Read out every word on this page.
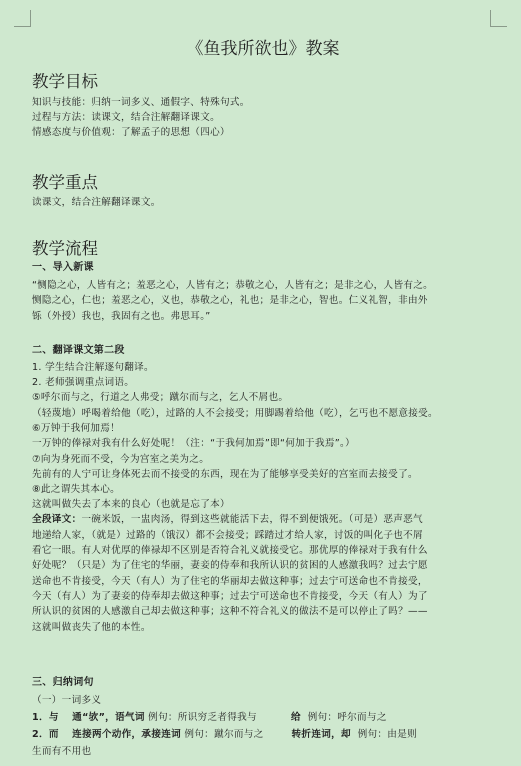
《鱼我所欲也》教案
教学目标
知识与技能：归纳一词多义、通假字、特殊句式。
过程与方法：读课文，结合注解翻译课文。
情感态度与价值观：了解孟子的思想（四心）
教学重点
读课文，结合注解翻译课文。
教学流程
一、导入新课
“恻隐之心，人皆有之；羞恶之心，人皆有之；恭敬之心，人皆有之；是非之心，人皆有之。
恻隐之心，仁也；羞恶之心，义也，恭敬之心，礼也；是非之心，智也。仁义礼智，非由外
铄（外授）我也，我固有之也。弗思耳。”
二、翻译课文第二段
1. 学生结合注解逐句翻译。
2. 老师强调重点词语。
⑤呼尔而与之，行道之人弗受；蹴尔而与之，乞人不屑也。
（轻蔑地）呼喝着给他（吃），过路的人不会接受；用脚踢着给他（吃），乞丐也不愿意接受。
⑥万钟于我何加焉！
一万钟的俸禄对我有什么好处呢！（注：“于我何加焉”即“何加于我焉”。）
⑦向为身死而不受，今为宫室之美为之。
先前有的人宁可让身体死去而不接受的东西，现在为了能够享受美好的宫室而去接受了。
⑧此之谓失其本心。
这就叫做失去了本来的良心（也就是忘了本）
全段译文：一碗米饭，一盅肉汤，得到这些就能活下去，得不到便饿死。（可是）恶声恶气
地递给人家，（就是）过路的（饿汉）都不会接受；踩踏过才给人家，讨饭的叫化子也不屑
看它一眼。有人对优厚的俸禄却不区别是否符合礼义就接受它。那优厚的俸禄对于我有什么
好处呢？（只是）为了住宅的华丽，妻妾的侍奉和我所认识的贫困的人感激我吗？过去宁愿
送命也不肯接受，今天（有人）为了住宅的华丽却去做这种事；过去宁可送命也不肯接受，
今天（有人）为了妻妾的侍奉却去做这种事；过去宁可送命也不肯接受，今天（有人）为了
所认识的贫困的人感激自己却去做这种事；这种不符合礼义的做法不是可以停止了吗？——
这就叫做丧失了他的本性。
三、归纳词句
（一）一词多义
1．与 通“欤”，语气词 例句：所识穷乏者得我与	给 例句：呼尔而与之
2．而 连接两个动作，承接连词 例句：蹴尔而与之	转折连词，却 例句：由是则
生而有不用也
